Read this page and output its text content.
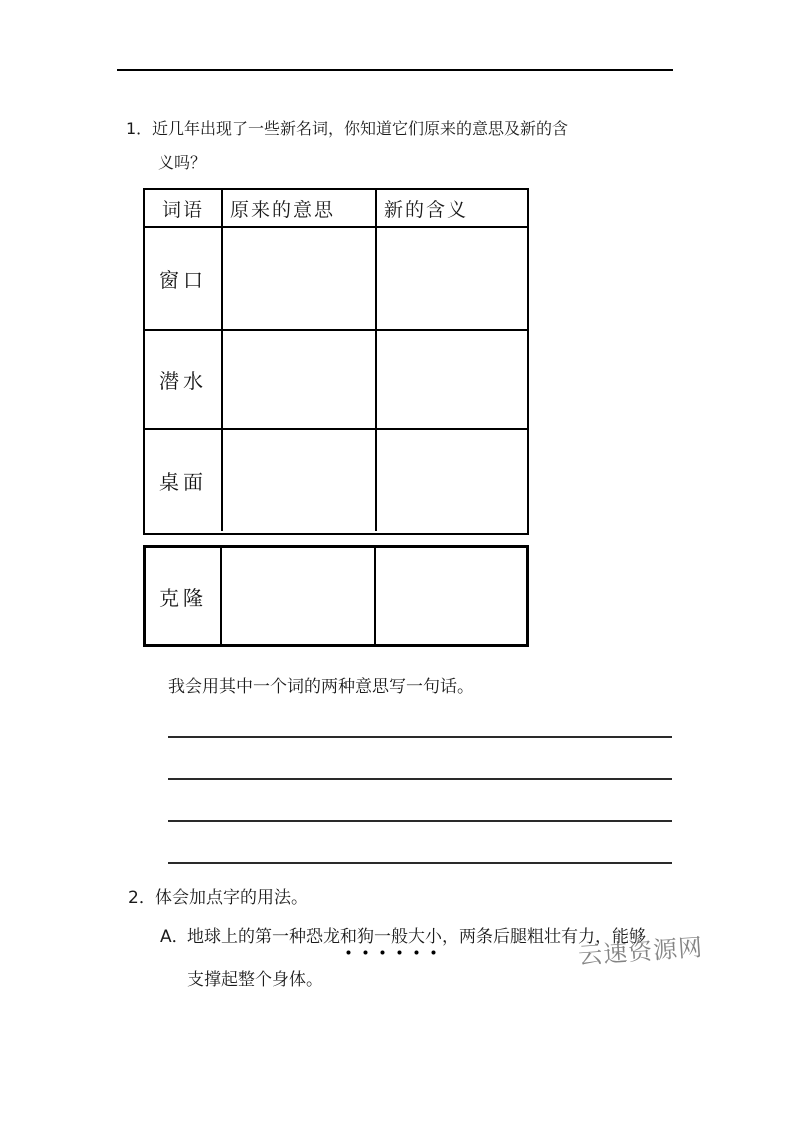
1．近几年出现了一些新名词，你知道它们原来的意思及新的含
义吗？
词语	原来的意思	新的含义
窗口
潜水
桌面
克隆
我会用其中一个词的两种意思写一句话。
2．体会加点字的用法。
A．地球上的第一种恐龙和狗一般大小，两条后腿粗壮有力，能够
支撑起整个身体。
云速资源网
